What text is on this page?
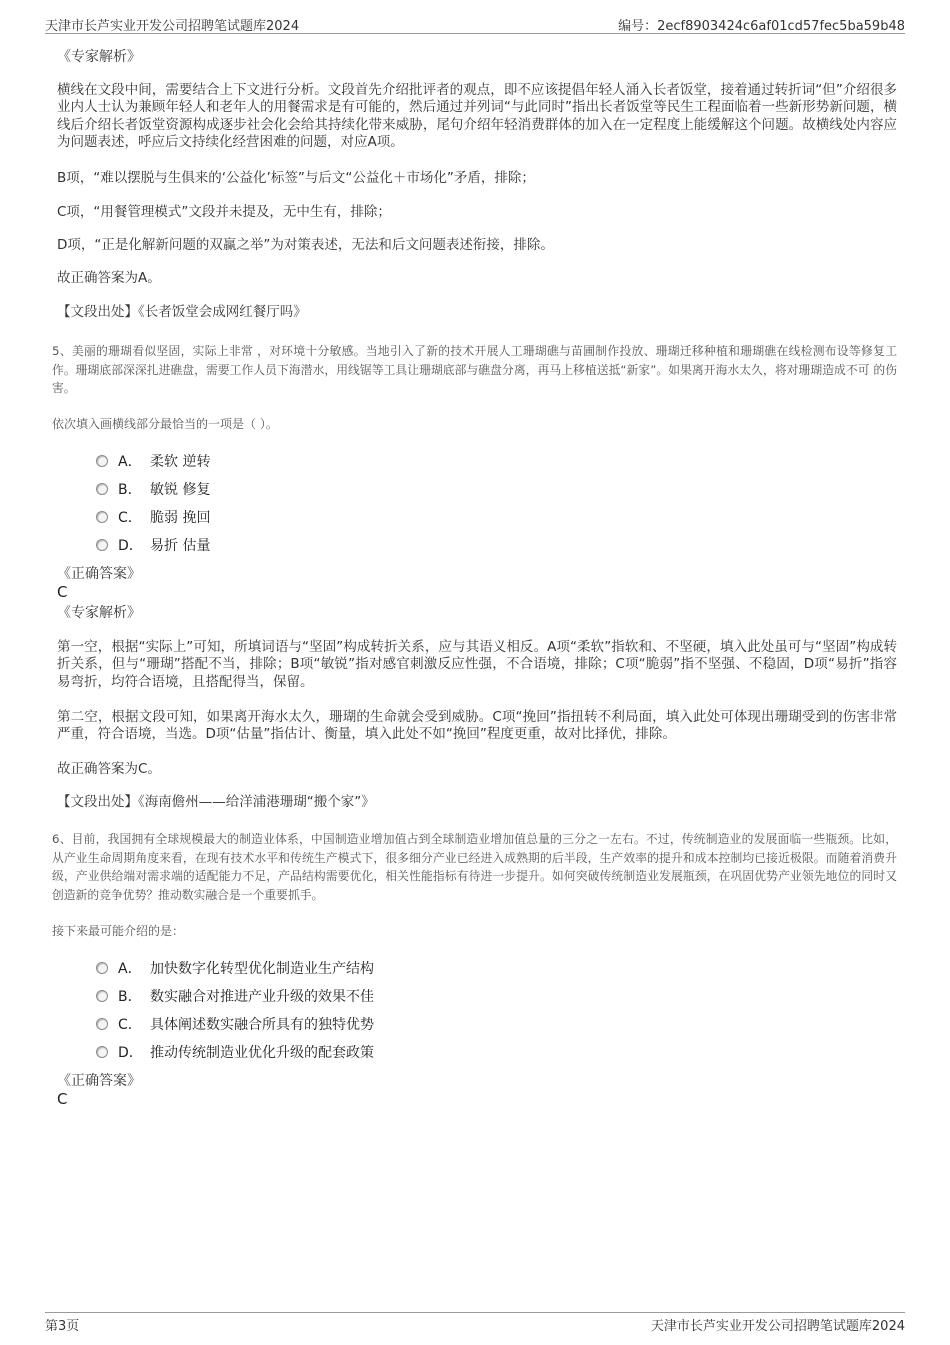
天津市长芦实业开发公司招聘笔试题库2024	编号：2ecf8903424c6af01cd57fec5ba59b48
《专家解析》
横线在文段中间，需要结合上下文进行分析。文段首先介绍批评者的观点，即不应该提倡年轻人涌入长者饭堂，接着通过转折词“但”介绍很多业内人士认为兼顾年轻人和老年人的用餐需求是有可能的，然后通过并列词“与此同时”指出长者饭堂等民生工程面临着一些新形势新问题，横线后介绍长者饭堂资源构成逐步社会化会给其持续化带来威胁，尾句介绍年轻消费群体的加入在一定程度上能缓解这个问题。故横线处内容应为问题表述，呼应后文持续化经营困难的问题，对应A项。
B项，“难以摆脱与生俱来的‘公益化’标签”与后文“公益化＋市场化”矛盾，排除；
C项，“用餐管理模式”文段并未提及，无中生有，排除；
D项，“正是化解新问题的双赢之举”为对策表述，无法和后文问题表述衔接，排除。
故正确答案为A。
【文段出处】《长者饭堂会成网红餐厅吗》
5、美丽的珊瑚看似坚固，实际上非常 ，对环境十分敏感。当地引入了新的技术开展人工珊瑚礁与苗圃制作投放、珊瑚迁移种植和珊瑚礁在线检测布设等修复工作。珊瑚底部深深扎进礁盘，需要工作人员下海潜水，用线锯等工具让珊瑚底部与礁盘分离，再马上移植送抵“新家”。如果离开海水太久，将对珊瑚造成不可 的伤害。
依次填入画横线部分最恰当的一项是（ ）。
A． 柔软 逆转
B． 敏锐 修复
C． 脆弱 挽回
D． 易折 估量
《正确答案》
C
《专家解析》
第一空，根据“实际上”可知，所填词语与“坚固”构成转折关系，应与其语义相反。A项“柔软”指软和、不坚硬，填入此处虽可与“坚固”构成转折关系，但与“珊瑚”搭配不当，排除；B项“敏锐”指对感官刺激反应性强，不合语境，排除；C项“脆弱”指不坚强、不稳固，D项“易折”指容易弯折，均符合语境，且搭配得当，保留。
第二空，根据文段可知，如果离开海水太久，珊瑚的生命就会受到威胁。C项“挽回”指扭转不利局面，填入此处可体现出珊瑚受到的伤害非常严重，符合语境，当选。D项“估量”指估计、衡量，填入此处不如“挽回”程度更重，故对比择优，排除。
故正确答案为C。
【文段出处】《海南儋州——给洋浦港珊瑚“搬个家”》
6、目前，我国拥有全球规模最大的制造业体系，中国制造业增加值占到全球制造业增加值总量的三分之一左右。不过，传统制造业的发展面临一些瓶颈。比如，从产业生命周期角度来看，在现有技术水平和传统生产模式下，很多细分产业已经进入成熟期的后半段，生产效率的提升和成本控制均已接近极限。而随着消费升级，产业供给端对需求端的适配能力不足，产品结构需要优化，相关性能指标有待进一步提升。如何突破传统制造业发展瓶颈，在巩固优势产业领先地位的同时又创造新的竞争优势？推动数实融合是一个重要抓手。
接下来最可能介绍的是：
A． 加快数字化转型优化制造业生产结构
B． 数实融合对推进产业升级的效果不佳
C． 具体阐述数实融合所具有的独特优势
D． 推动传统制造业优化升级的配套政策
《正确答案》
C
第3页	天津市长芦实业开发公司招聘笔试题库2024
